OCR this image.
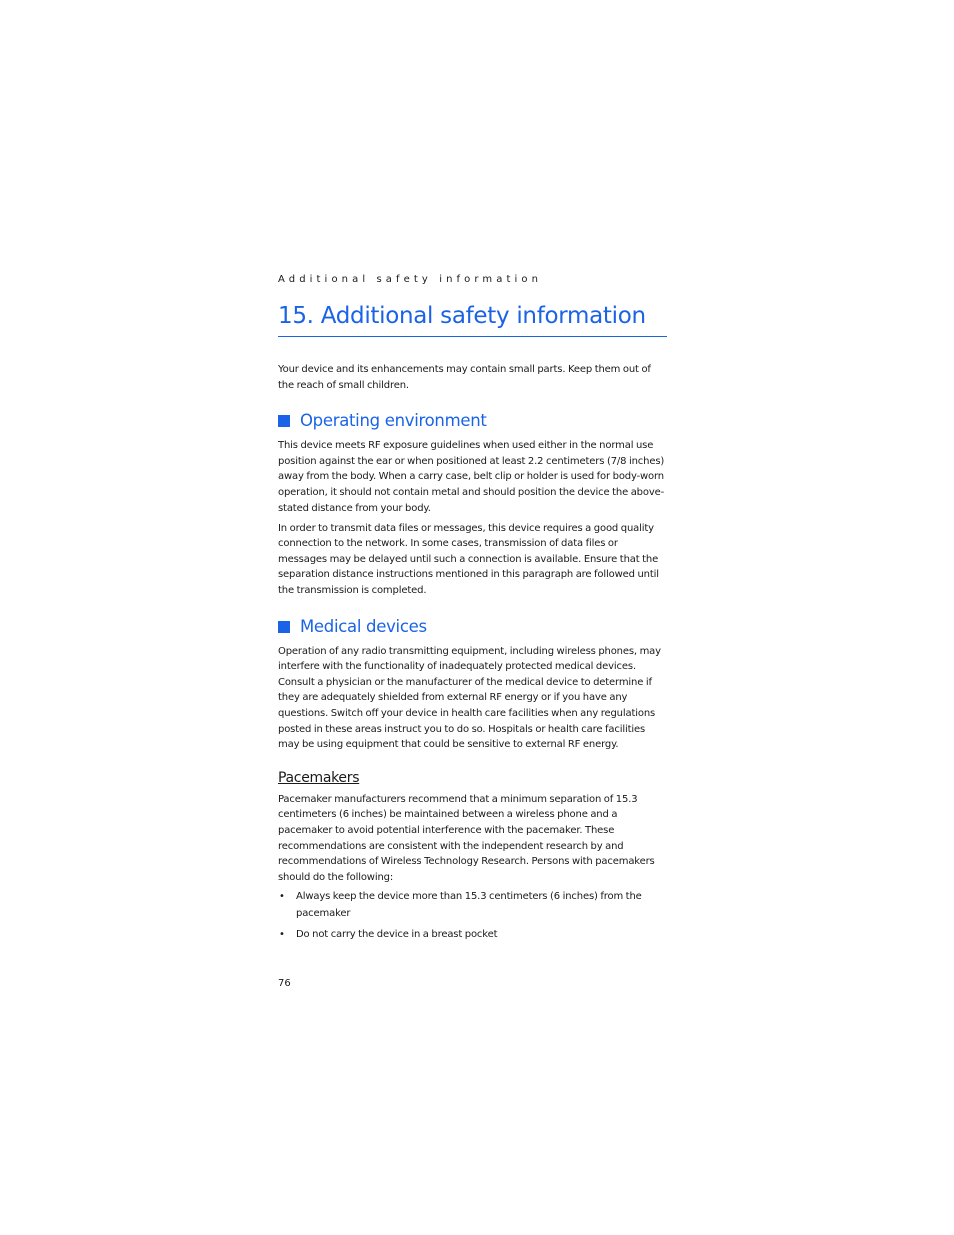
Additional safety information
15. Additional safety information

Your device and its enhancements may contain small parts. Keep them out of the reach of small children.

Operating environment

This device meets RF exposure guidelines when used either in the normal use position against the ear or when positioned at least 2.2 centimeters (7/8 inches) away from the body. When a carry case, belt clip or holder is used for body-worn operation, it should not contain metal and should position the device the above-stated distance from your body.

In order to transmit data files or messages, this device requires a good quality connection to the network. In some cases, transmission of data files or messages may be delayed until such a connection is available. Ensure that the separation distance instructions mentioned in this paragraph are followed until the transmission is completed.

Medical devices

Operation of any radio transmitting equipment, including wireless phones, may interfere with the functionality of inadequately protected medical devices. Consult a physician or the manufacturer of the medical device to determine if they are adequately shielded from external RF energy or if you have any questions. Switch off your device in health care facilities when any regulations posted in these areas instruct you to do so. Hospitals or health care facilities may be using equipment that could be sensitive to external RF energy.

Pacemakers

Pacemaker manufacturers recommend that a minimum separation of 15.3 centimeters (6 inches) be maintained between a wireless phone and a pacemaker to avoid potential interference with the pacemaker. These recommendations are consistent with the independent research by and recommendations of Wireless Technology Research. Persons with pacemakers should do the following:

• Always keep the device more than 15.3 centimeters (6 inches) from the pacemaker
• Do not carry the device in a breast pocket
76
